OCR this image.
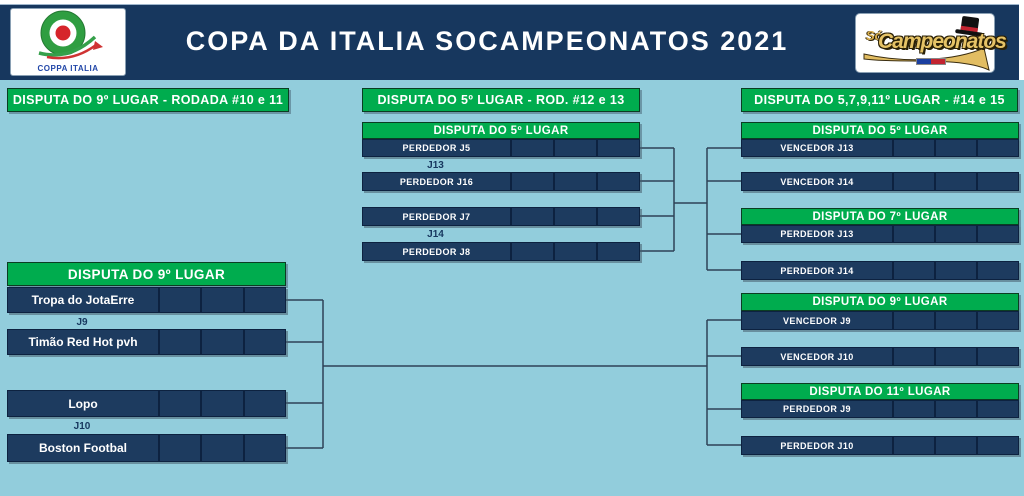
COPPA ITALIA
COPA DA ITALIA SOCAMPEONATOS 2021	Só
Campeonatos
DISPUTA DO 9º LUGAR - RODADA #10 e 11	DISPUTA DO 5º LUGAR - ROD. #12 e 13	DISPUTA DO 5,7,9,11º LUGAR - #14 e 15
DISPUTA DO 5º LUGAR
PERDEDOR J5
J13
PERDEDOR J16
PERDEDOR J7
J14
PERDEDOR J8
DISPUTA DO 5º LUGAR
VENCEDOR J13
VENCEDOR J14
DISPUTA DO 7º LUGAR
PERDEDOR J13
PERDEDOR J14
DISPUTA DO 9º LUGAR
VENCEDOR J9
VENCEDOR J10
DISPUTA DO 11º LUGAR
PERDEDOR J9
PERDEDOR J10
DISPUTA DO 9º LUGAR
Tropa do JotaErre
J9
Timão Red Hot pvh
Lopo
J10
Boston Footbal
